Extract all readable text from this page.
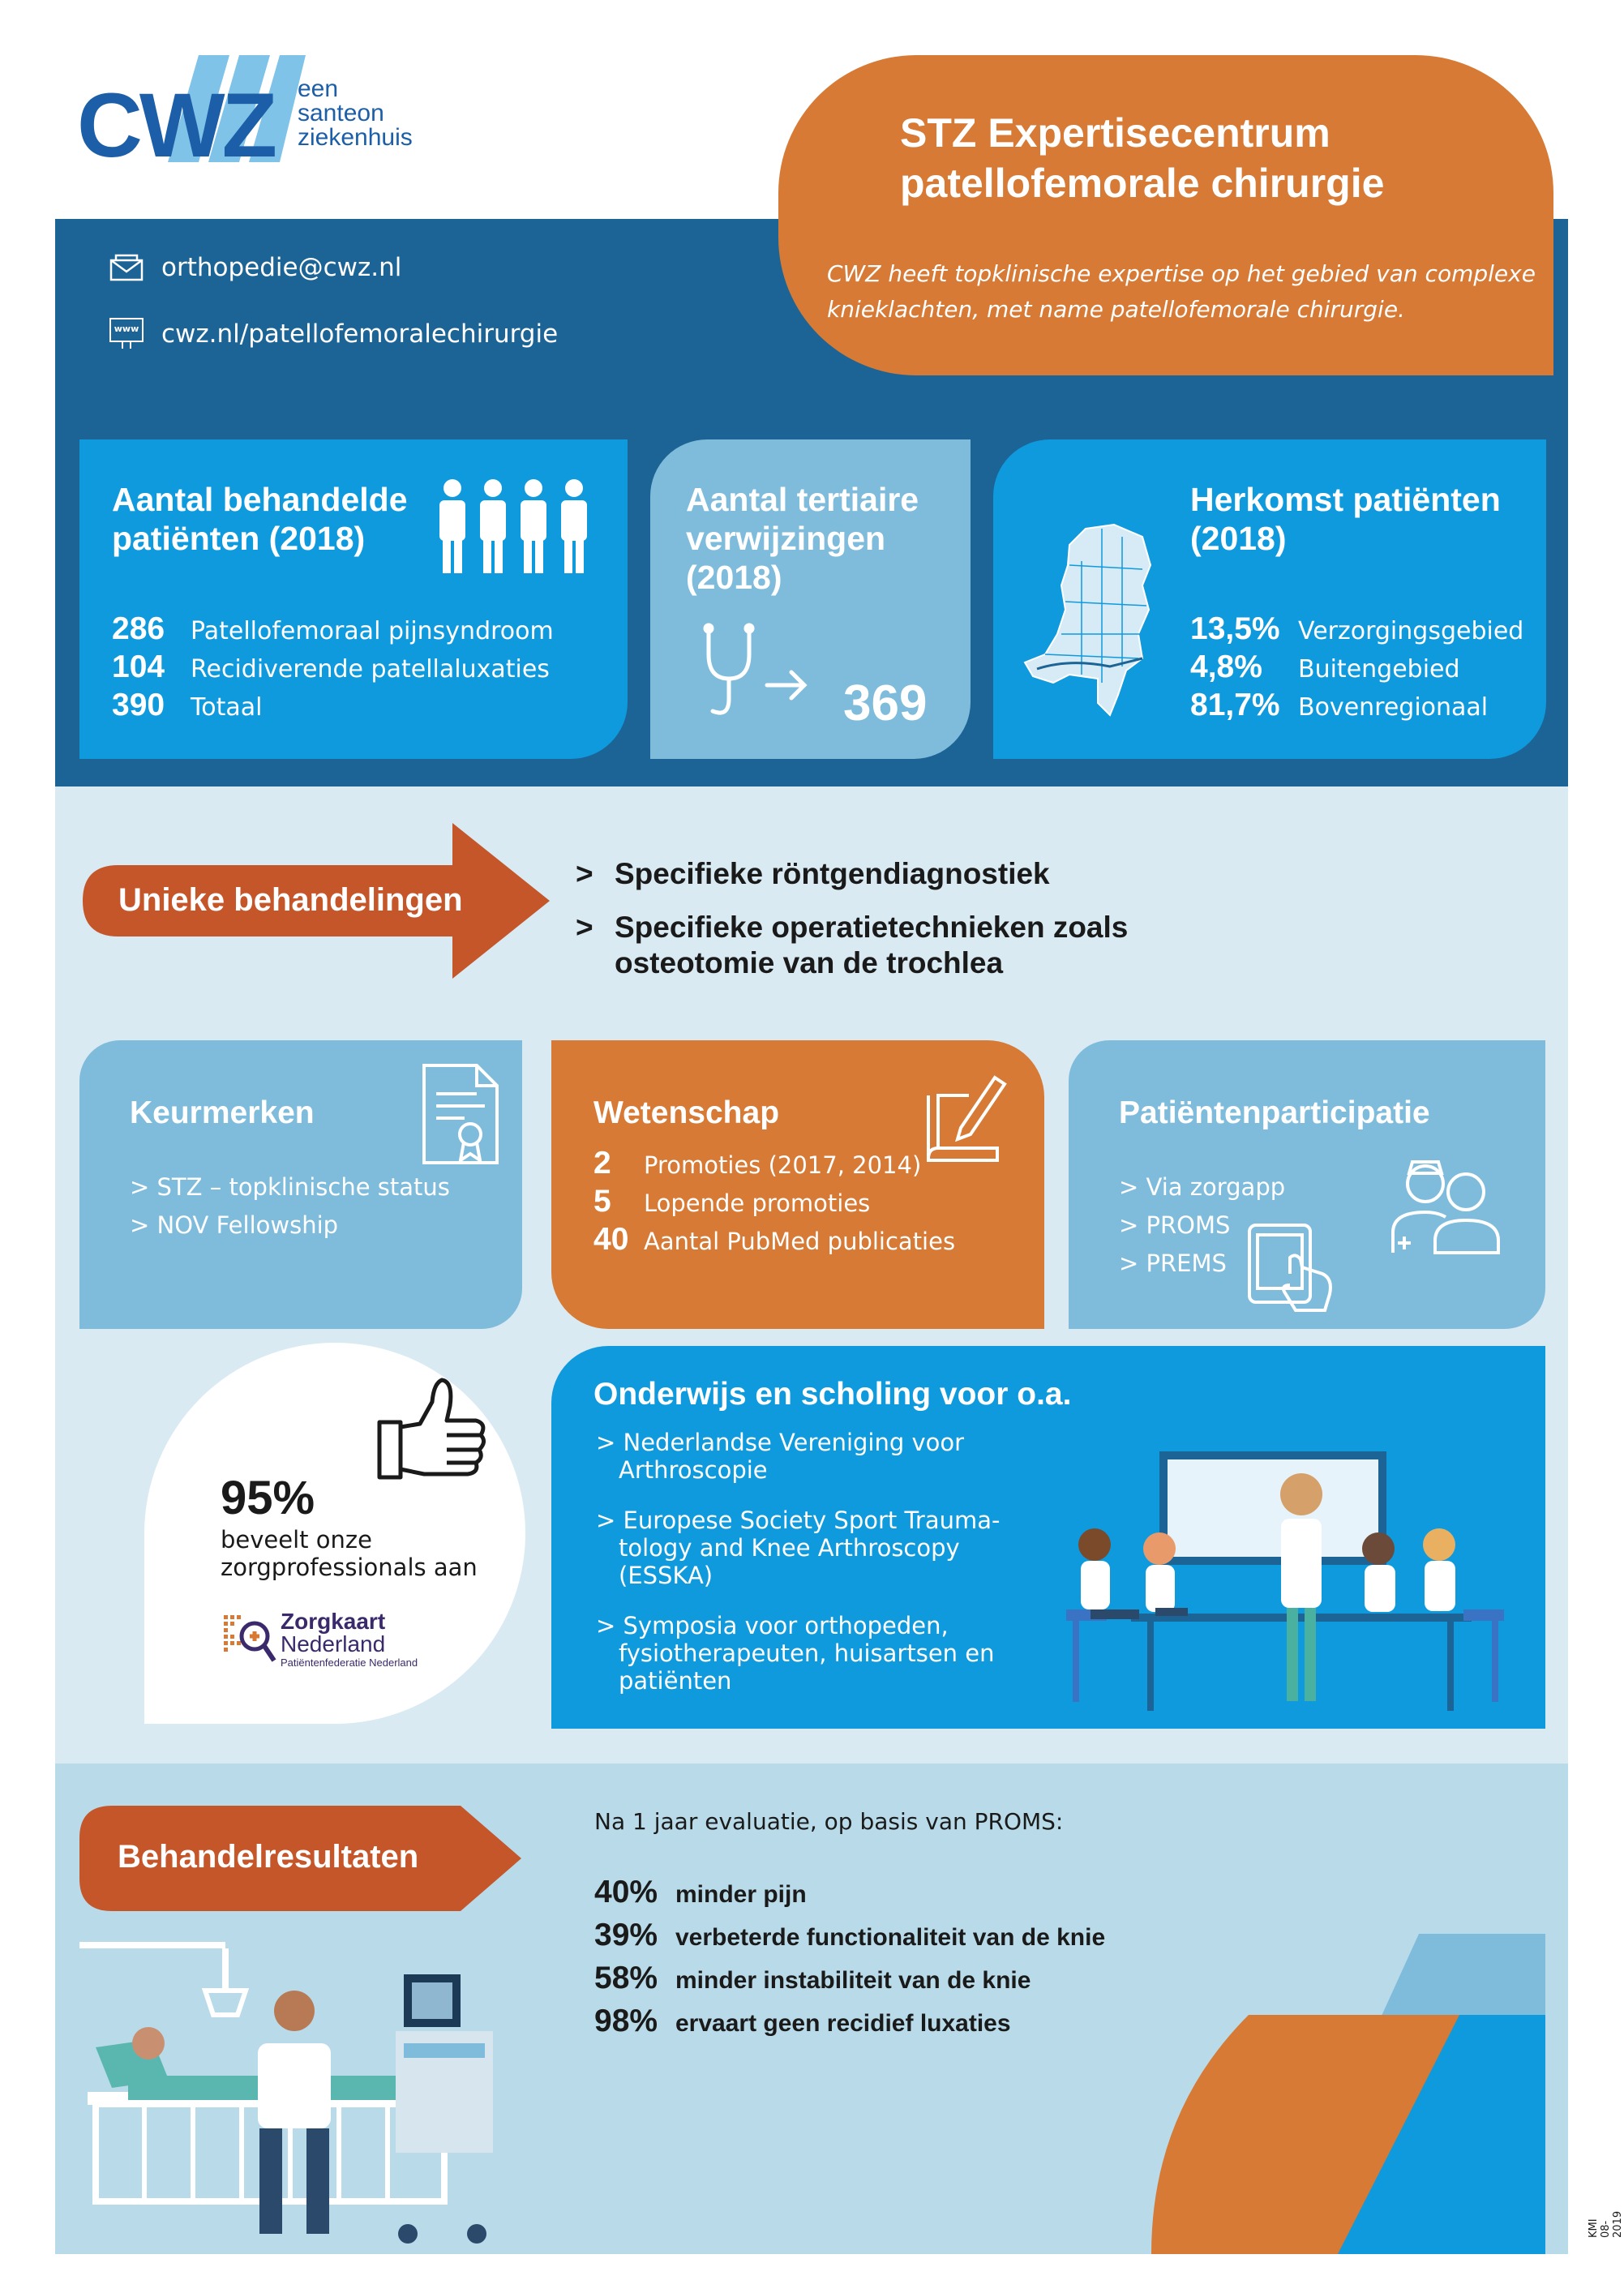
CWZ een
santeon
ziekenhuis	STZ Expertisecentrum
patellofemorale chirurgie
CWZ heeft topklinische expertise op het gebied van complexe
knieklachten, met name patellofemorale chirurgie.
orthopedie@cwz.nl
www cwz.nl/patellofemoralechirurgie
Aantal behandelde
patiënten (2018)
286	Patellofemoraal pijnsyndroom
104	Recidiverende patellaluxaties
390	Totaal
Aantal tertiaire
verwijzingen
(2018)
369
Herkomst patiënten
(2018)
13,5% Verzorgingsgebied
4,8%	Buitengebied
81,7% Bovenregionaal
Unieke behandelingen
> Specifieke röntgendiagnostiek
> Specifieke operatietechnieken zoals
osteotomie van de trochlea
Keurmerken
> STZ – topklinische status
> NOV Fellowship
Wetenschap
2	Promoties (2017, 2014)
5	Lopende promoties
40 Aantal PubMed publicaties
Patiëntenparticipatie
> Via zorgapp
> PROMS
> PREMS
95%
beveelt onze
zorgprofessionals aan
Zorgkaart
Nederland
Patiëntenfederatie Nederland
Onderwijs en scholing voor o.a.
> Nederlandse Vereniging voor
Arthroscopie
> Europese Society Sport Trauma-
tology and Knee Arthroscopy
(ESSKA)
> Symposia voor orthopeden,
fysiotherapeuten, huisartsen en
patiënten
Behandelresultaten
Na 1 jaar evaluatie, op basis van PROMS:
40% minder pijn
39% verbeterde functionaliteit van de knie
58% minder instabiliteit van de knie
98% ervaart geen recidief luxaties
KMI 08-2019
